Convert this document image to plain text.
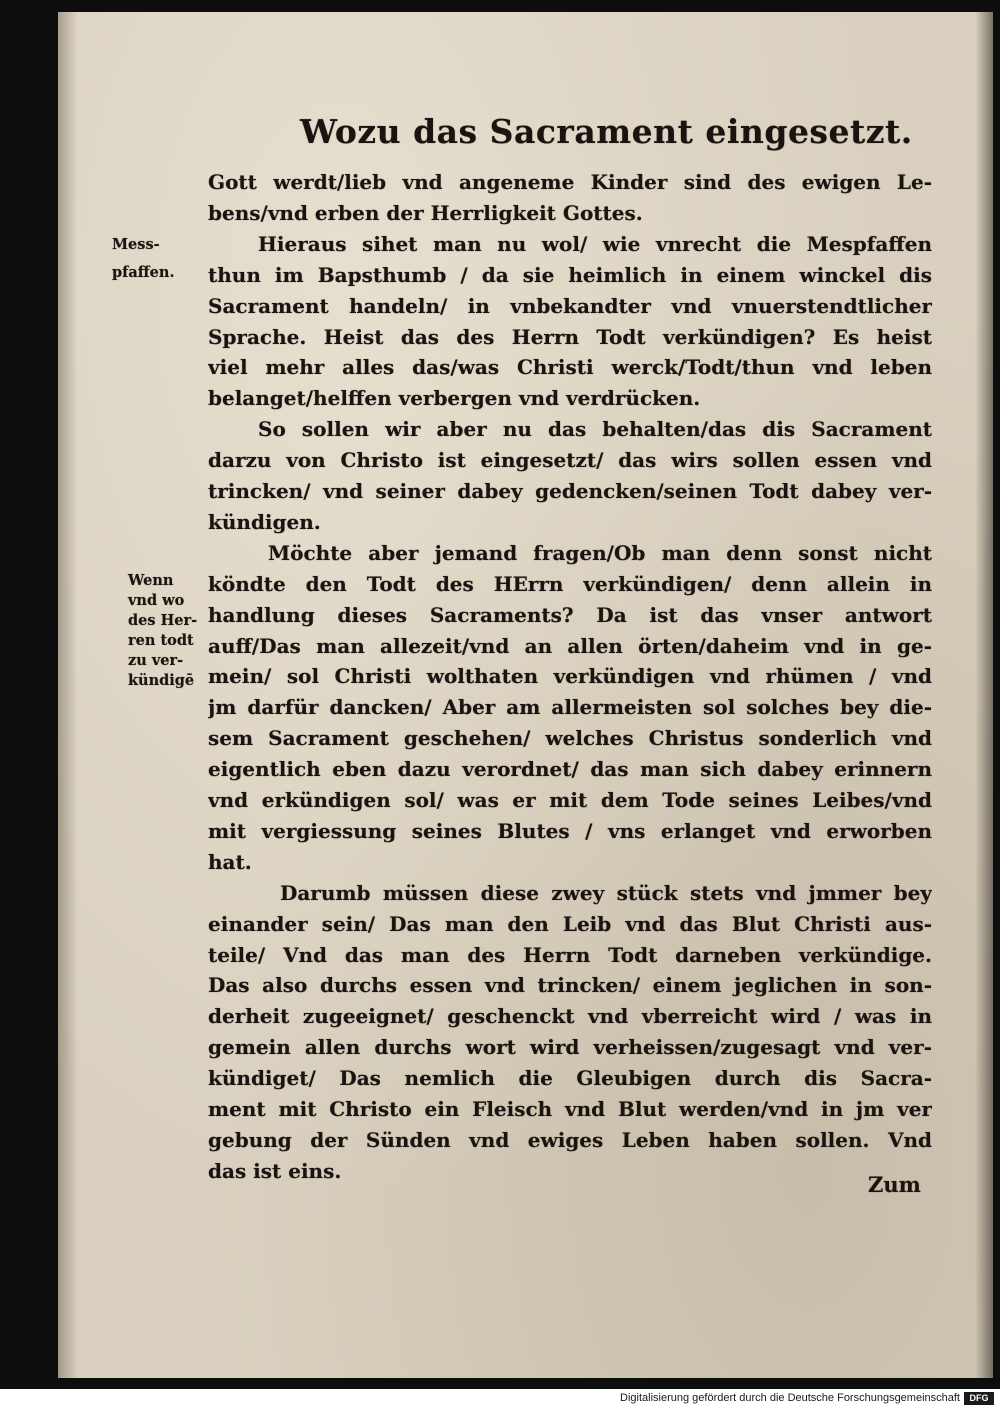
Wozu das Sacrament eingesetzt.
Gott werdt/lieb vnd angeneme Kinder sind des ewigen Le-
bens/vnd erben der Herrligkeit Gottes.
Hieraus sihet man nu wol/ wie vnrecht die Mespfaffen
thun im Bapsthumb / da sie heimlich in einem winckel dis
Sacrament handeln/ in vnbekandter vnd vnuerstendtlicher
Sprache. Heist das des Herrn Todt verkündigen? Es heist
viel mehr alles das/was Christi werck/Todt/thun vnd leben
belanget/helffen verbergen vnd verdrücken.
So sollen wir aber nu das behalten/das dis Sacrament
darzu von Christo ist eingesetzt/ das wirs sollen essen vnd
trincken/ vnd seiner dabey gedencken/seinen Todt dabey ver-
kündigen.
Möchte aber jemand fragen/Ob man denn sonst nicht
köndte den Todt des HErrn verkündigen/ denn allein in
handlung dieses Sacraments? Da ist das vnser antwort
auff/Das man allezeit/vnd an allen örten/daheim vnd in ge-
mein/ sol Christi wolthaten verkündigen vnd rhümen / vnd
jm darfür dancken/ Aber am allermeisten sol solches bey die-
sem Sacrament geschehen/ welches Christus sonderlich vnd
eigentlich eben dazu verordnet/ das man sich dabey erinnern
vnd erkündigen sol/ was er mit dem Tode seines Leibes/vnd
mit vergiessung seines Blutes / vns erlanget vnd erworben
hat.
Darumb müssen diese zwey stück stets vnd jmmer bey
einander sein/ Das man den Leib vnd das Blut Christi aus-
teile/ Vnd das man des Herrn Todt darneben verkündige.
Das also durchs essen vnd trincken/ einem jeglichen in son-
derheit zugeeignet/ geschenckt vnd vberreicht wird / was in
gemein allen durchs wort wird verheissen/zugesagt vnd ver-
kündiget/ Das nemlich die Gleubigen durch dis Sacra-
ment mit Christo ein Fleisch vnd Blut werden/vnd in jm ver
gebung der Sünden vnd ewiges Leben haben sollen. Vnd
das ist eins.
Mess-
pfaffen.
Wenn
vnd wo
des Her-
ren todt
zu ver-
kündigē
Zum
Digitalisierung gefördert durch die Deutsche Forschungsgemeinschaft	DFG
